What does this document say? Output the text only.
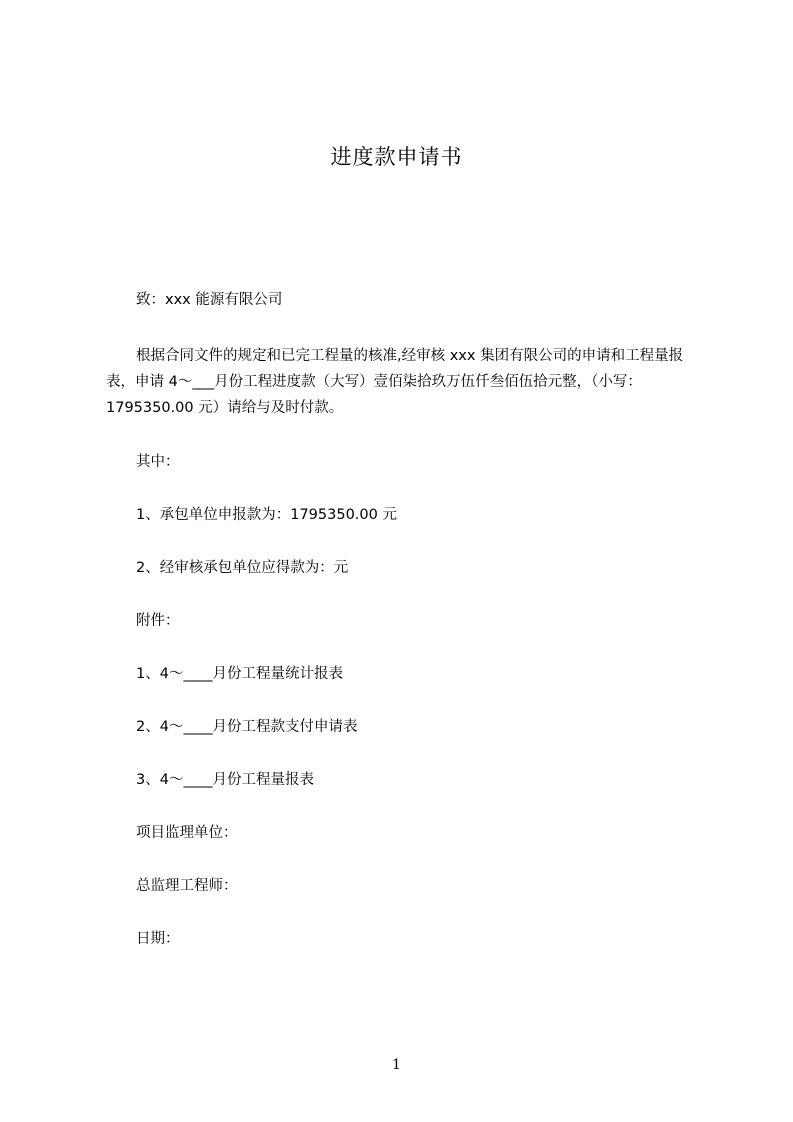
进度款申请书
致：xxx 能源有限公司
根据合同文件的规定和已完工程量的核准,经审核 xxx 集团有限公司的申请和工程量报表，申请 4～___月份工程进度款（大写）壹佰柒拾玖万伍仟叁佰伍拾元整，（小写：1795350.00 元）请给与及时付款。
其中：
1、承包单位申报款为：1795350.00 元
2、经审核承包单位应得款为：元
附件：
1、4～____月份工程量统计报表
2、4～____月份工程款支付申请表
3、4～____月份工程量报表
项目监理单位：
总监理工程师：
日期：
1
